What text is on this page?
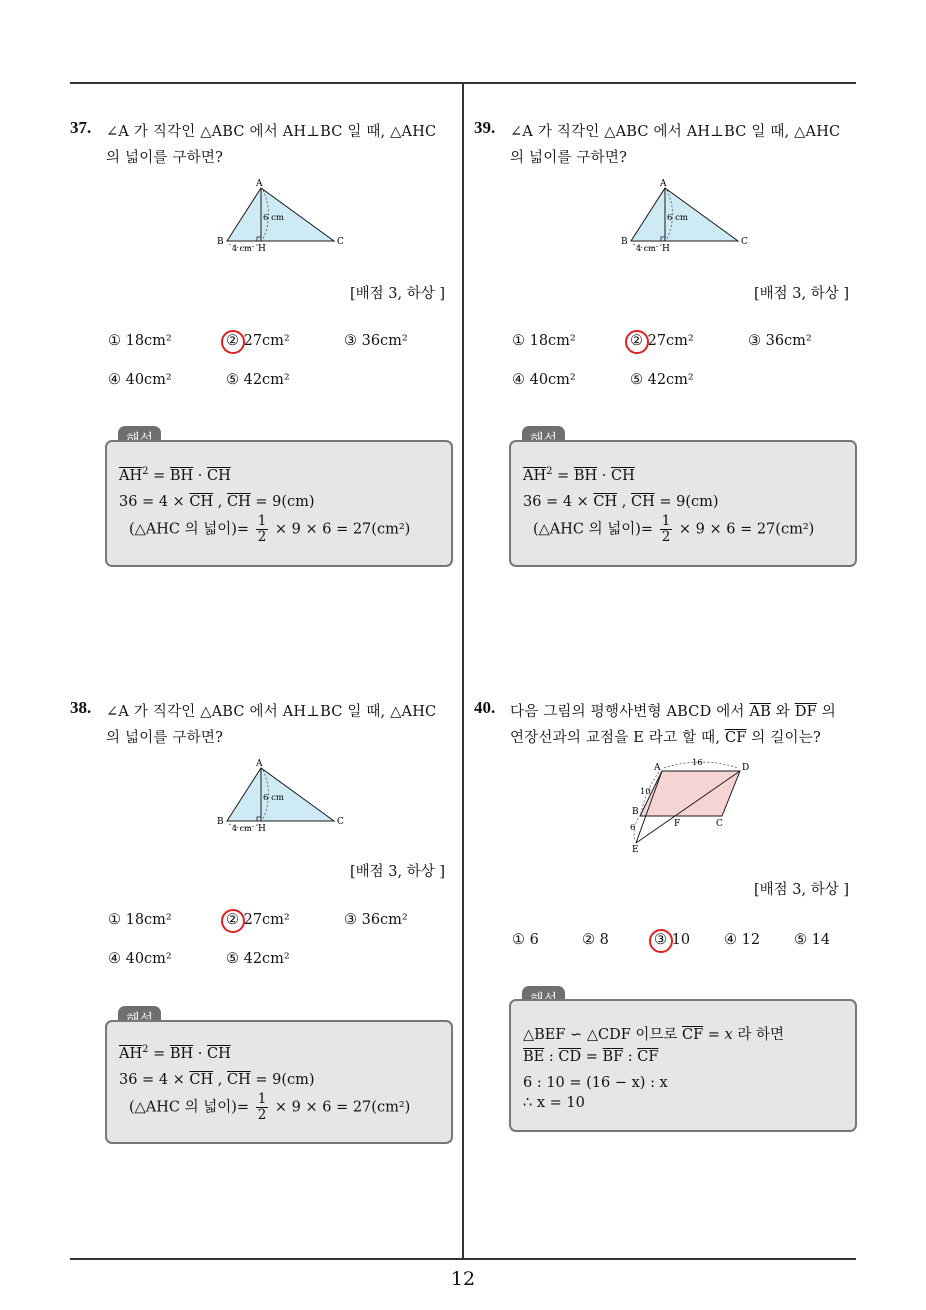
37. ∠A 가 직각인 △ABC 에서 AH⊥BC 일 때, △AHC
의 넓이를 구하면?
A
B	C
H
6 cm
4 cm
[배점 3, 하상 ]
① 18cm²	② 27cm²	③ 36cm²
④ 40cm²	⑤ 42cm²
$\overline{AH}^2 = \overline{BH} \cdot \overline{CH}$
$36 = 4 \times \overline{CH}$ , $\overline{CH} = 9(cm)$
(△AHC 의 넓이)= $\frac{1}{2} \times 9 \times 6 = 27(cm^2)$
38. ∠A 가 직각인 △ABC 에서 AH⊥BC 일 때, △AHC
의 넓이를 구하면?
A
B	C
H
6 cm
4 cm
[배점 3, 하상 ]
① 18cm²	② 27cm²	③ 36cm²
④ 40cm²	⑤ 42cm²
$\overline{AH}^2 = \overline{BH} \cdot \overline{CH}$
$36 = 4 \times \overline{CH}$ , $\overline{CH} = 9(cm)$
(△AHC 의 넓이)= $\frac{1}{2} \times 9 \times 6 = 27(cm^2)$
39. ∠A 가 직각인 △ABC 에서 AH⊥BC 일 때, △AHC
의 넓이를 구하면?
A
B	C
H
6 cm
4 cm
[배점 3, 하상 ]
① 18cm²	② 27cm²	③ 36cm²
④ 40cm²	⑤ 42cm²
$\overline{AH}^2 = \overline{BH} \cdot \overline{CH}$
$36 = 4 \times \overline{CH}$ , $\overline{CH} = 9(cm)$
(△AHC 의 넓이)= $\frac{1}{2} \times 9 \times 6 = 27(cm^2)$
40. 다음 그림의 평행사변형 ABCD 에서 $\overline{AB}$ 와 $\overline{DF}$ 의
연장선과의 교점을 E 라고 할 때, $\overline{CF}$ 의 길이는?
A	D
B
C
F
E
16
10
6
[배점 3, 하상 ]
① 6	② 8	③ 10 ④ 12 ⑤ 14
△BEF ∽ △CDF 이므로 $\overline{CF} = x$ 라 하면
$\overline{BE}$ : $\overline{CD} = \overline{BF}$ : $\overline{CF}$
6 : 10 = (16 − x) : x
∴ x = 10
12
